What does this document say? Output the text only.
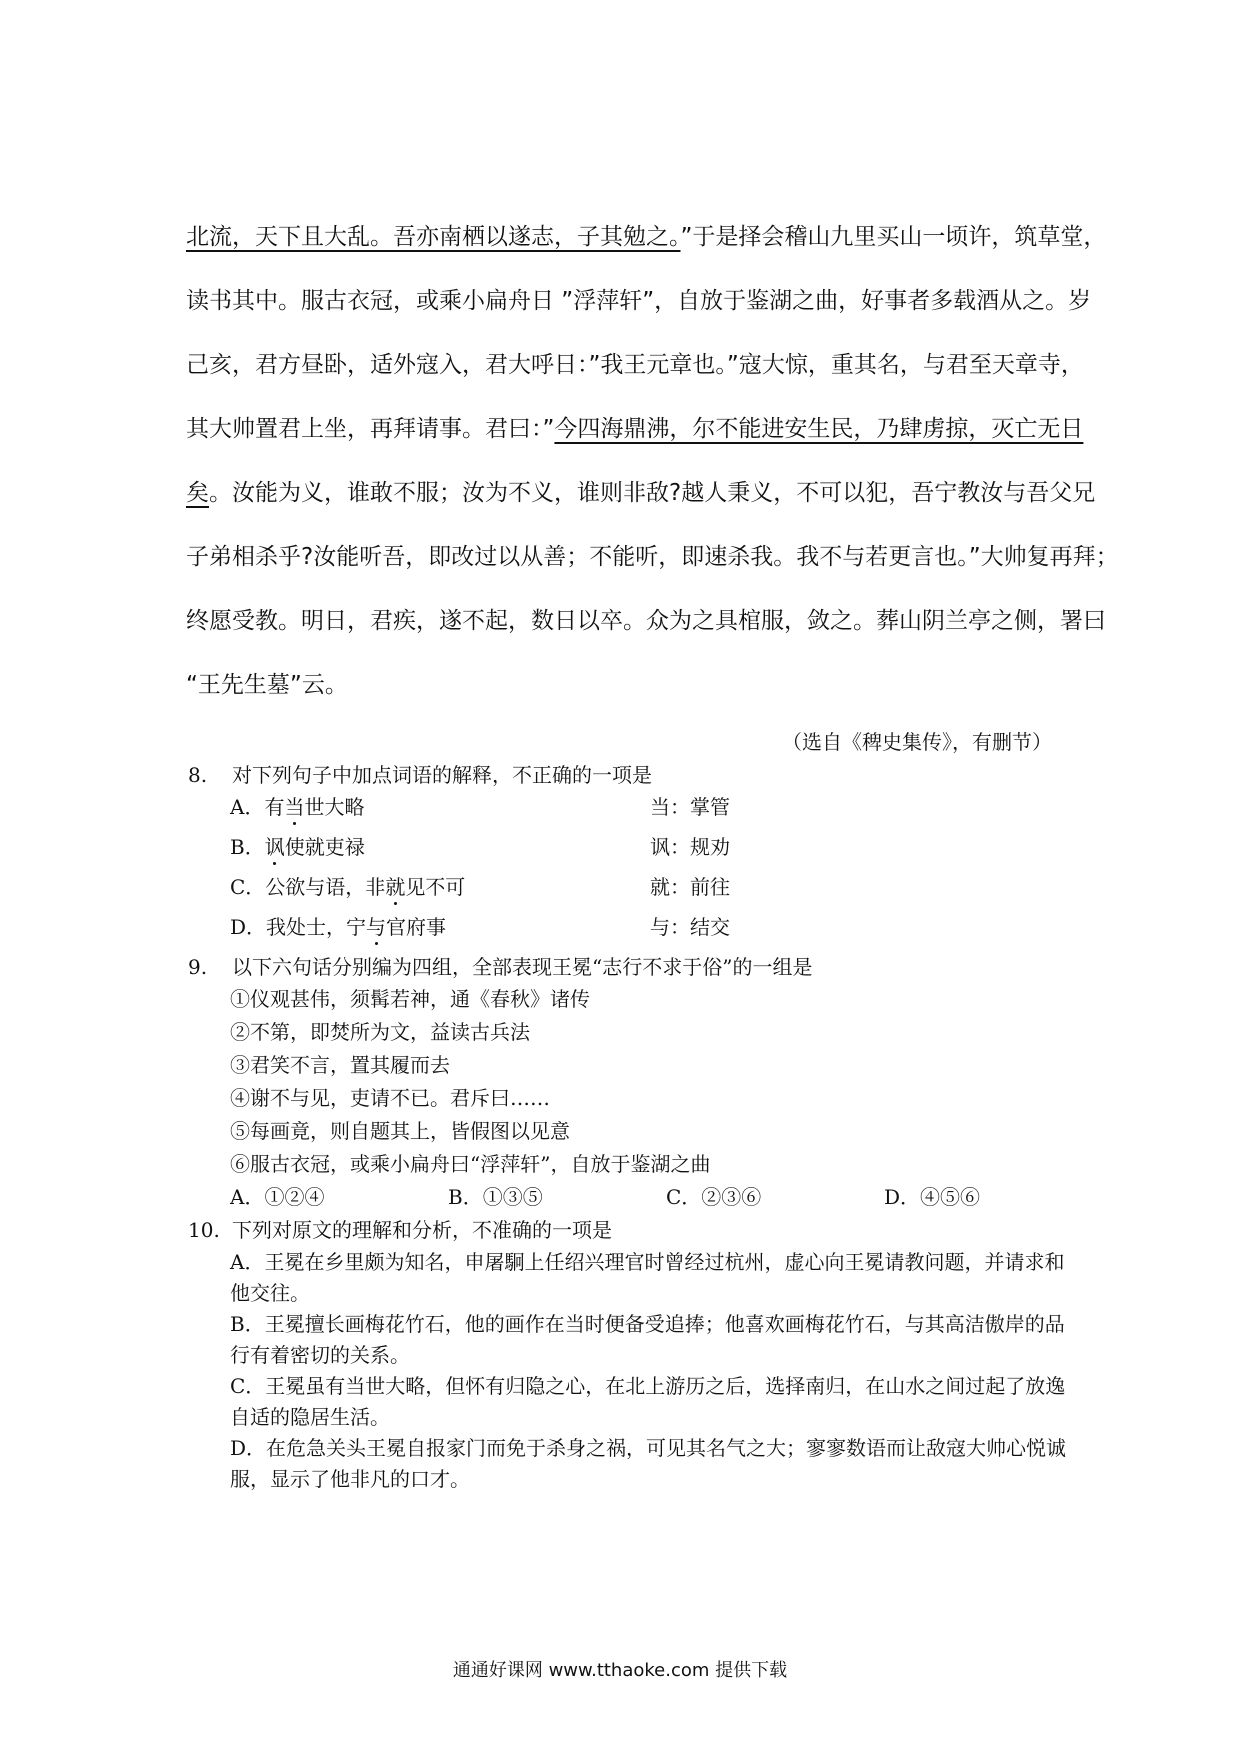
北流，天下且大乱。吾亦南栖以遂志，子其勉之。”于是择会稽山九里买山一顷许，筑草堂，
读书其中。服古衣冠，或乘小扁舟日 ”浮萍轩”，自放于鉴湖之曲，好事者多载酒从之。岁
己亥，君方昼卧，适外寇入，君大呼日：”我王元章也。”寇大惊，重其名，与君至天章寺，
其大帅置君上坐，再拜请事。君曰：”今四海鼎沸，尔不能进安生民，乃肆虏掠，灭亡无日
矣。汝能为义，谁敢不服；汝为不义，谁则非敌?越人秉义，不可以犯，吾宁教汝与吾父兄
子弟相杀乎?汝能听吾，即改过以从善；不能听，即速杀我。我不与若更言也。”大帅复再拜；
终愿受教。明日，君疾，遂不起，数日以卒。众为之具棺服，敛之。葬山阴兰亭之侧，署曰
“王先生墓”云。
（选自《稗史集传》，有删节）
8.	对下列句子中加点词语的解释，不正确的一项是
A．有当世大略	当：掌管
B．讽使就吏禄	讽：规劝
C．公欲与语，非就见不可	就：前往
D．我处士，宁与官府事	与：结交
9.	以下六句话分别编为四组，全部表现王冕“志行不求于俗”的一组是
①仪观甚伟，须髯若神，通《春秋》诸传
②不第，即焚所为文，益读古兵法
③君笑不言，置其履而去
④谢不与见，吏请不已。君斥曰……
⑤每画竟，则自题其上，皆假图以见意
⑥服古衣冠，或乘小扁舟曰“浮萍轩”，自放于鉴湖之曲
A．①②④	B．①③⑤	C．②③⑥	D．④⑤⑥
10. 下列对原文的理解和分析，不准确的一项是
A．王冕在乡里颇为知名，申屠駉上任绍兴理官时曾经过杭州，虚心向王冕请教问题，并请求和他交往。
B．王冕擅长画梅花竹石，他的画作在当时便备受追捧；他喜欢画梅花竹石，与其高洁傲岸的品行有着密切的关系。
C．王冕虽有当世大略，但怀有归隐之心，在北上游历之后，选择南归，在山水之间过起了放逸自适的隐居生活。
D．在危急关头王冕自报家门而免于杀身之祸，可见其名气之大；寥寥数语而让敌寇大帅心悦诚服，显示了他非凡的口才。
通通好课网 www.tthaoke.com 提供下载
